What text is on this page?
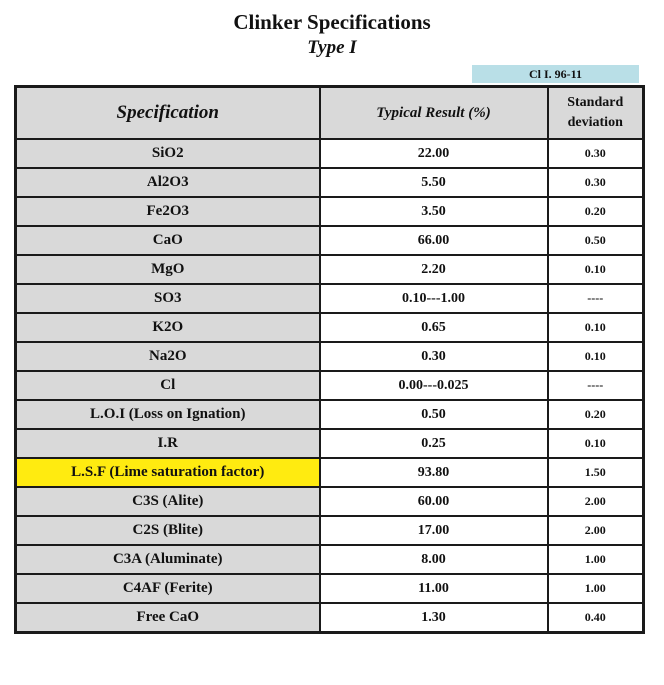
Clinker Specifications
Type I
Cl I. 96-11
Specification	Typical Result (%)	Standard
deviation
SiO2	22.00	0.30
Al2O3	5.50	0.30
Fe2O3	3.50	0.20
CaO	66.00	0.50
MgO	2.20	0.10
SO3	0.10---1.00	----
K2O	0.65	0.10
Na2O	0.30	0.10
Cl	0.00---0.025	----
L.O.I (Loss on Ignation)	0.50	0.20
I.R	0.25	0.10
L.S.F (Lime saturation factor)	93.80	1.50
C3S (Alite)	60.00	2.00
C2S (Blite)	17.00	2.00
C3A (Aluminate)	8.00	1.00
C4AF (Ferite)	11.00	1.00
Free CaO	1.30	0.40
